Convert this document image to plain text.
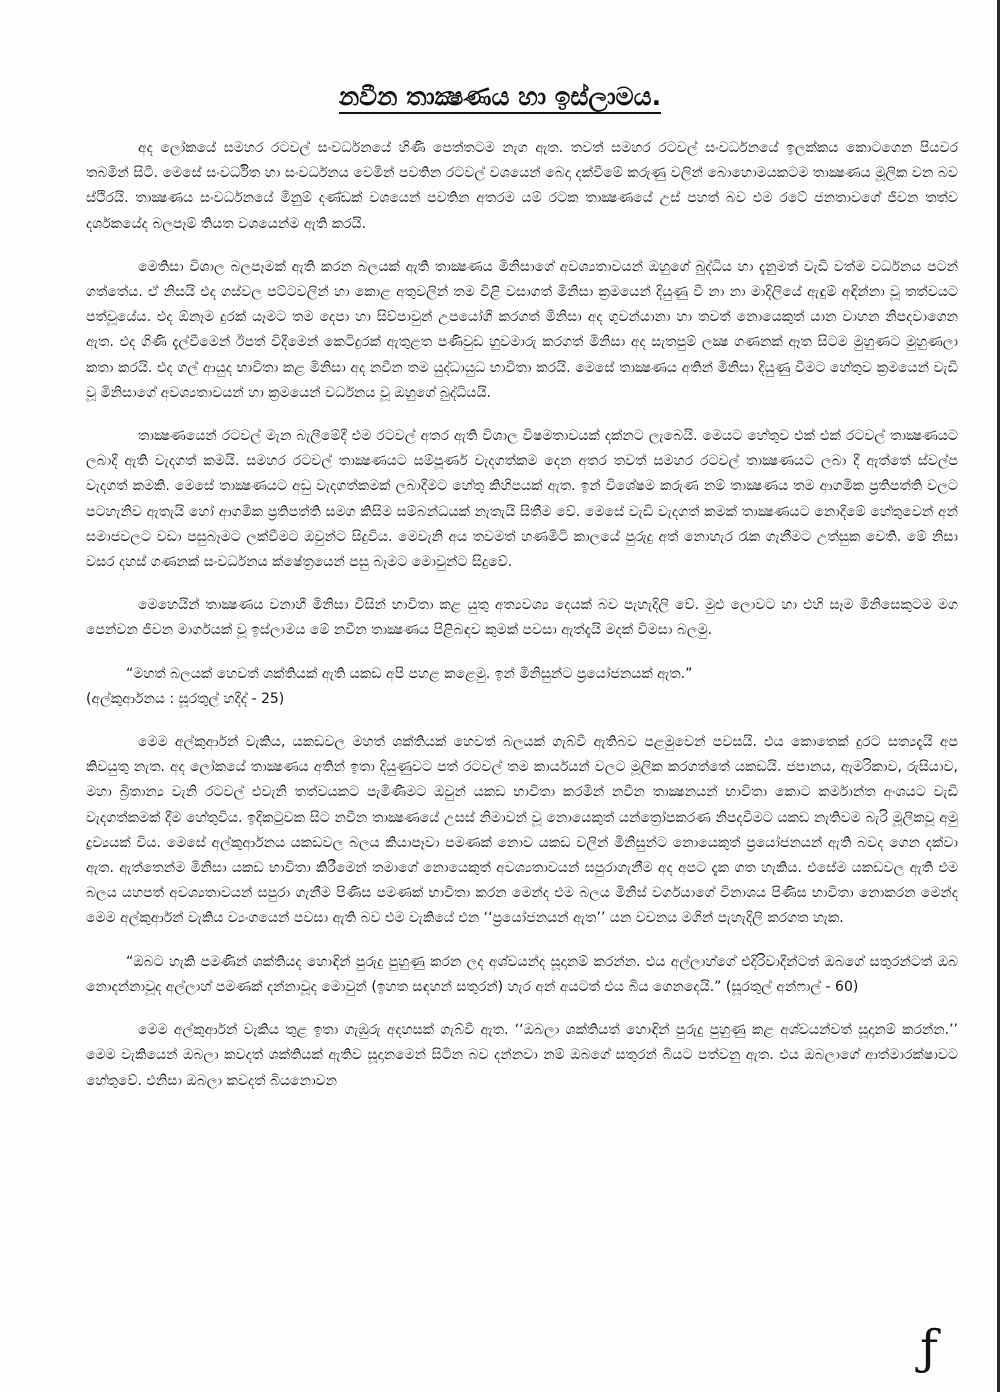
නවීන තාක්‍ෂණය හා ඉස්ලාමය.

අද ලෝකයේ සමහර රටවල් සංවර්ධනයේ හිණි පෙත්තටම නැග ඇත. තවත් සමහර රටවල් සංවර්ධනයේ ඉලක්කය කොටගෙන පියවර තබමින් සිටී. මෙසේ සංවර්ධිත හා සංවර්ධනය වෙමින් පවතින රටවල් වශයෙන් බෙදා දක්වීමේ කරුණු වලින් බොහොමයකටම තාක්‍ෂණය මූලික වන බව ස්ථිරයි. තාක්‍ෂණය සංවර්ධනයේ මිනුම් දණ්ඩක් වශයෙන් පවතින අතරම යම් රටක තාක්‍ෂණයේ උස් පහත් බව එම රටේ ජනතාවගේ ජීවන තත්ව දර්ශකයේද බලපෑම් තියත වශයෙන්ම ඇති කරයි.

මෙතිසා විශාල බලපෑමක් ඇති කරන බලයක් ඇති තාක්‍ෂණය මිනිසාගේ අවශ්‍යතාවයන් ඔහුගේ බුද්ධිය හා දැනුමත් වැඩි වත්ම වර්ධනය පටන් ගත්තේය. ඒ නිසයි එද ගස්වල පට්ටවලින් හා කොළ අතුවලින් තම විළි වසාගත් මිනිසා ක්‍රමයෙන් දියුණු වී නා නා මාදිලියේ ඇඳුම් අඳින්නා වූ තත්වයට පත්වූයේය. එද ඕනෑම දුරක් යෑමට තම දෙපා හා සිව්පාවුන් උපයෝගී කරගත් මිනිසා අද ගුවන්යානා හා තවත් නොයෙකුත් යාන වාහන නිපදවාගෙන ඇත. එද ගිණි දැල්වීමෙන් ඊපත් විදීමෙන් කෙටිදුරක් ඇතුළත පණිවුඩ හුවමාරු කරගත් මිනිසා අද සැතපුම් ලක්‍ෂ ගණනක් ඈත සිටම මුහුණට මුහුණලා කතා කරයි. එද ගල් ආයුද භාවිතා කළ මිනිසා අද නවීන තම යුද්ධායුධ භාවිතා කරයි. මෙසේ තාක්‍ෂණය අතින් මිනිසා දියුණු වීමට හේතුව ක්‍රමයෙන් වැඩි වූ මිනිසාගේ අවශ්‍යතාවයන් හා ක්‍රමයෙන් වර්ධනය වූ ඔහුගේ බුද්ධියයි.

තාක්‍ෂණයෙන් රටවල් මැන බැලීමේදී එම රටවල් අතර ඇති විශාල විෂමතාවයක් දක්නට ලැබෙයි. මෙයට හේතුව එක් එක් රටවල් තාක්‍ෂණයට ලබාදී ඇති වැදගත් කමයි. සමහර රටවල් තාක්‍ෂණයට සම්පූර්ණ වැදගත්කම දෙන අතර තවත් සමහර රටවල් තාක්‍ෂණයට ලබා දී ඇත්තේ ස්වල්ප වැදගත් කමකි. මෙසේ තාක්‍ෂණයට අඩු වැදගත්කමක් ලබාදීමට හේතු කිහිපයක් ඇත. ඉන් විශේෂම කරුණ නම් තාක්‍ෂණය තම ආගමික ප්‍රතිපත්ති වලට පටහැනිව ඇතැයි හෝ ආගමික ප්‍රතිපත්ති සමග කිසිම සම්බන්ධයක් නැතැයි සිතීම වේ. මෙසේ වැඩි වැදගත් කමක් තාක්‍ෂණයට නොදීමේ හේතුවෙන් අන් සමාජවලට වඩා පසුබෑමට ලක්වීමට ඔවුන්ට සිදුවිය. මෙවැනි අය තවමත් හණමිටි කාලයේ පුරුදු අත් නොහැර රැක ගැනීමට උත්සුක වෙති. මේ නිසා වසර දහස් ගණනක් සංවර්ධනය ක්ෂේත්‍රයෙන් පසු බෑමට මොවුන්ට සිදුවේ.

මෙහෙයින් තාක්‍ෂණය වනාහී මිනිසා විසින් භාවිතා කළ යුතු අත්‍යවශ්‍ය දෙයක් බව පැහැදිලි වේ. මුළු ලොවට හා එහි සෑම මිනිසෙකුටම මග පෙන්වන ජීවන මාර්ගයක් වූ ඉස්ලාමය මේ නවීන තාක්‍ෂණය පිළිබඳව කුමක් පවසා ඇත්දැයි මදක් විමසා බලමු.

“මහත් බලයක් හෙවත් ශක්තියක් ඇති යකඩ අපි පහළ කළෙමු. ඉන් මිනිසුන්ට ප්‍රයෝජනයක් ඇත.”

(අල්කුර්ආනය : සූරතුල් හදීද් - 25)

මෙම අල්කුර්ආන් වැකිය, යකඩවල මහත් ශක්තියක් හෙවත් බලයක් ගැබ්වී ඇතිබව පළමුවෙන් පවසයි. එය කොතෙක් දුරට සත්‍යදැයි අප කිවයුතු නැත. අද ලෝකයේ තාක්‍ෂණය අතින් ඉතා දියුණුවට පත් රටවල් තම කාර්යයන් වලට මූලික කරගත්තේ යකඩයි. ජපානය, ඇමරිකාව, රුසියාව, මහා බ්‍රිතාන්‍ය වැනි රටවල් එවැනි තත්වයකට පැමිණීමට ඔවුන් යකඩ භාවිතා කරමින් නවීන තාක්‍ෂනයන් භාවිතා කොට කර්මාන්ත අංශයට වැඩි වැදගත්කමක් දීම හේතුවිය. ඉදිකටුවක සිට නවීන තාක්‍ෂණයේ උසස් නිමාවන් වූ නොයෙකුත් යන්ත්‍රෝපකරණ නිපදවීමට යකඩ නැතිවම බැරි මූලිකවූ අමු ද්‍රව්‍යයක් විය. මෙසේ අල්කුර්ආනය යකඩවල බලය කියාපෑවා පමණක් නොව යකඩ වලින් මිනිසුන්ට නොයෙකුත් ප්‍රයෝජනයන් ඇති බවද ගෙන දක්වා ඇත. ඇත්තෙන්ම මිනිසා යකඩ භාවිතා කිරීමෙන් තමාගේ නොයෙකුත් අවශ්‍යතාවයන් සපුරාගැනීම අද අපට දැක ගත හැකිය. එසේම යකඩවල ඇති එම බලය යහපත් අවශ්‍යතාවයන් සපුරා ගැනීම පිණිස පමණක් භාවිතා කරන මෙන්ද එම බලය මිනිස් වර්ගයාගේ විනාශය පිණිස භාවිතා නොකරන මෙන්ද මෙම අල්කුර්ආන් වැකිය ව්‍යංගයෙන් පවසා ඇති බව එම වැකියේ එන ‘‘ප්‍රයෝජනයන් ඇත’’ යන වචනය මගින් පැහැදිලි කරගත හැක.

“ඔබට හැකි පමණින් ශක්තියද හොඳින් පුරුදු පුහුණු කරන ලද අශ්වයන්ද සූදානම් කරන්න. එය අල්ලාහ්ගේ එදිරිවාදීන්ටත් ඔබගේ සතුරන්ටත් ඔබ නොදන්නාවූද අල්ලාහ් පමණක් දන්නාවූද මොවුන් (ඉහත සඳහන් සතුරන්) හැර අන් අයටත් එය බිය ගෙනදෙයි.” (සූරතුල් අන්ෆාල් - 60)

මෙම අල්කුර්ආන් වැකිය තුළ ඉතා ගැඹුරු අදහසක් ගැබ්වී ඇත. ‘‘ඔබලා ශක්තියත් හොඳින් පුරුදු පුහුණු කළ අශ්වයන්වත් සූදානම් කරන්න.’’ මෙම වැකියෙන් ඔබලා කවදත් ශක්තියක් ඇතිව සූදානමෙන් සිටින බව දන්නවා නම් ඔබගේ සතුරන් බියට පත්වනු ඇත. එය ඔබලාගේ ආත්මාරක්ෂාවට හේතුවේ. එනිසා ඔබලා කවදත් බියනොවන

ƒ
